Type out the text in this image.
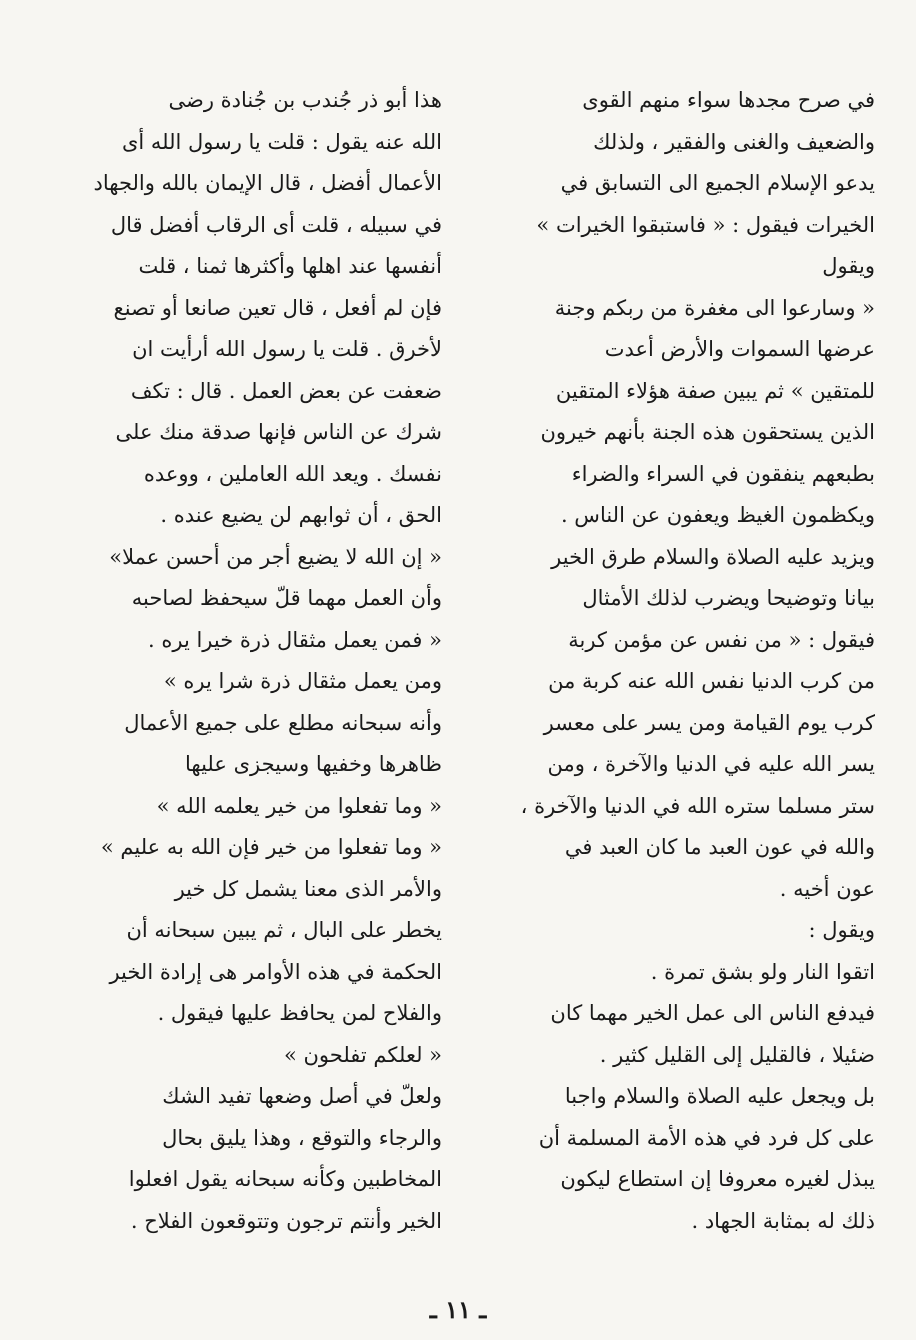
في صرح مجدها سواء منهم القوى
والضعيف والغنى والفقير ، ولذلك
يدعو الإسلام الجميع الى التسابق في
الخيرات فيقول : « فاستبقوا الخيرات »
ويقول

« وسارعوا الى مغفرة من ربكم وجنة
عرضها السموات والأرض أعدت
للمتقين » ثم يبين صفة هؤلاء المتقين
الذين يستحقون هذه الجنة بأنهم خيرون
بطبعهم ينفقون في السراء والضراء
ويكظمون الغيظ ويعفون عن الناس .

ويزيد عليه الصلاة والسلام طرق الخير
بيانا وتوضيحا ويضرب لذلك الأمثال
فيقول : « من نفس عن مؤمن كربة
من كرب الدنيا نفس الله عنه كربة من
كرب يوم القيامة ومن يسر على معسر
يسر الله عليه في الدنيا والآخرة ، ومن
ستر مسلما ستره الله في الدنيا والآخرة ،
والله في عون العبد ما كان العبد في
عون أخيه .

ويقول :

اتقوا النار ولو بشق تمرة .

فيدفع الناس الى عمل الخير مهما كان
ضئيلا ، فالقليل إلى القليل كثير .

بل ويجعل عليه الصلاة والسلام واجبا
على كل فرد في هذه الأمة المسلمة أن
يبذل لغيره معروفا إن استطاع ليكون
ذلك له بمثابة الجهاد .

هذا أبو ذر جُندب بن جُنادة رضى
الله عنه يقول : قلت يا رسول الله أى
الأعمال أفضل ، قال الإيمان بالله والجهاد
في سبيله ، قلت أى الرقاب أفضل قال
أنفسها عند اهلها وأكثرها ثمنا ، قلت
فإن لم أفعل ، قال تعين صانعا أو تصنع
لأخرق . قلت يا رسول الله أرأيت ان
ضعفت عن بعض العمل . قال : تكف
شرك عن الناس فإنها صدقة منك على
نفسك . ويعد الله العاملين ، ووعده
الحق ، أن ثوابهم لن يضيع عنده .

« إن الله لا يضيع أجر من أحسن عملا»

وأن العمل مهما قلّ سيحفظ لصاحبه

« فمن يعمل مثقال ذرة خيرا يره .
ومن يعمل مثقال ذرة شرا يره »

وأنه سبحانه مطلع على جميع الأعمال
ظاهرها وخفيها وسيجزى عليها

« وما تفعلوا من خير يعلمه الله »

« وما تفعلوا من خير فإن الله به عليم »

والأمر الذى معنا يشمل كل خير
يخطر على البال ، ثم يبين سبحانه أن
الحكمة في هذه الأوامر هى إرادة الخير
والفلاح لمن يحافظ عليها فيقول .

« لعلكم تفلحون »

ولعلّ في أصل وضعها تفيد الشك
والرجاء والتوقع ، وهذا يليق بحال
المخاطبين وكأنه سبحانه يقول افعلوا
الخير وأنتم ترجون وتتوقعون الفلاح .

ـ ١١ ـ
